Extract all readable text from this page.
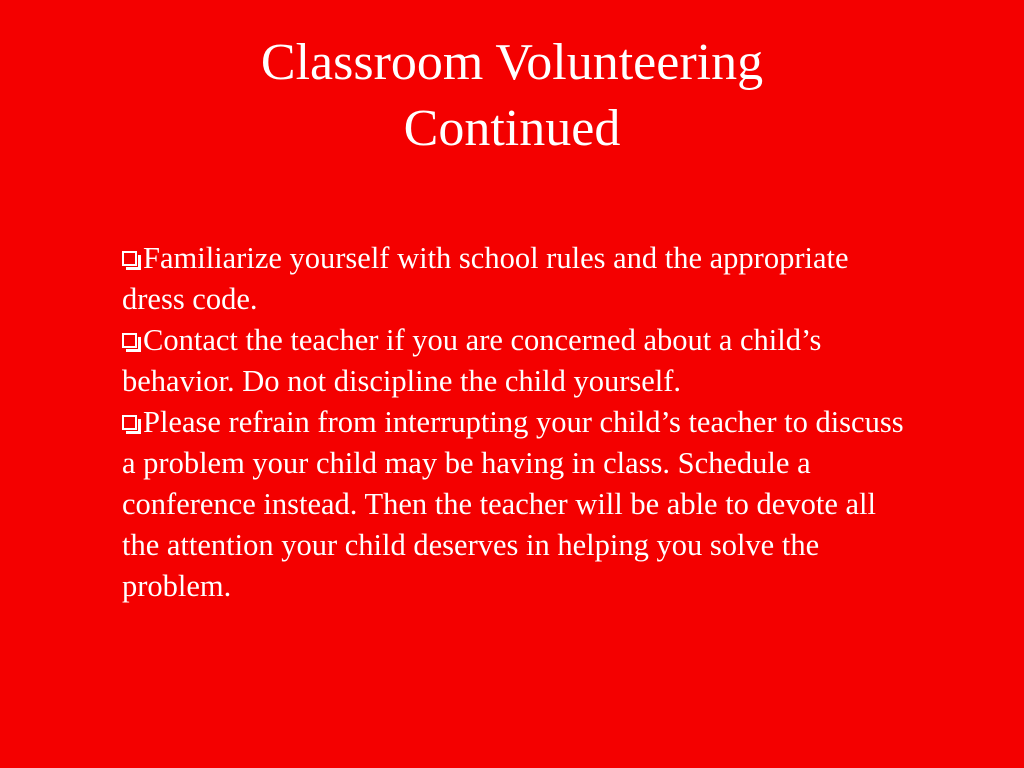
Classroom Volunteering
Continued

Familiarize yourself with school rules and the appropriate dress code.

Contact the teacher if you are concerned about a child’s behavior. Do not discipline the child yourself.

Please refrain from interrupting your child’s teacher to discuss a problem your child may be having in class. Schedule a conference instead. Then the teacher will be able to devote all the attention your child deserves in helping you solve the problem.
